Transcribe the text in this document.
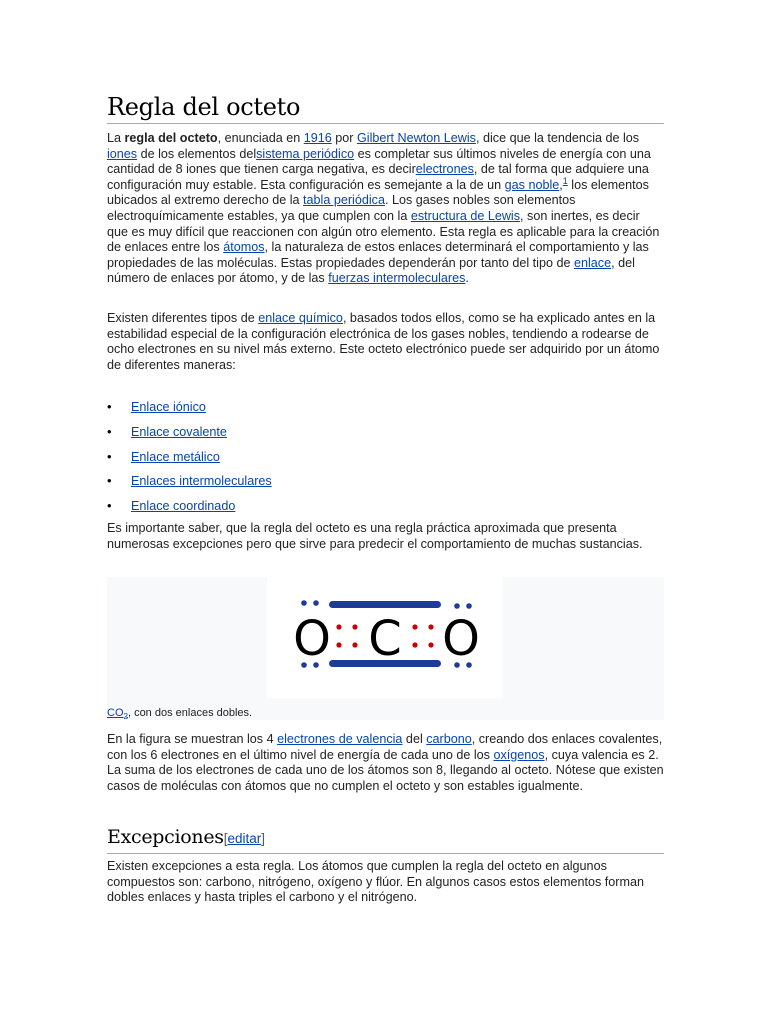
Regla del octeto

La regla del octeto, enunciada en 1916 por Gilbert Newton Lewis, dice que la tendencia de los iones de los elementos delsistema periódico es completar sus últimos niveles de energía con una cantidad de 8 iones que tienen carga negativa, es decirelectrones, de tal forma que adquiere una configuración muy estable. Esta configuración es semejante a la de un gas noble,$^1$ los elementos ubicados al extremo derecho de la tabla periódica. Los gases nobles son elementos electroquímicamente estables, ya que cumplen con la estructura de Lewis, son inertes, es decir que es muy difícil que reaccionen con algún otro elemento. Esta regla es aplicable para la creación de enlaces entre los átomos, la naturaleza de estos enlaces determinará el comportamiento y las propiedades de las moléculas. Estas propiedades dependerán por tanto del tipo de enlace, del número de enlaces por átomo, y de las fuerzas intermoleculares.

Existen diferentes tipos de enlace químico, basados todos ellos, como se ha explicado antes en la estabilidad especial de la configuración electrónica de los gases nobles, tendiendo a rodearse de ocho electrones en su nivel más externo. Este octeto electrónico puede ser adquirido por un átomo de diferentes maneras:

• Enlace iónico
• Enlace covalente
• Enlace metálico
• Enlaces intermoleculares
• Enlace coordinado

Es importante saber, que la regla del octeto es una regla práctica aproximada que presenta numerosas excepciones pero que sirve para predecir el comportamiento de muchas sustancias.

O C O
$CO_2$, con dos enlaces dobles.

En la figura se muestran los 4 electrones de valencia del carbono, creando dos enlaces covalentes, con los 6 electrones en el último nivel de energía de cada uno de los oxígenos, cuya valencia es 2. La suma de los electrones de cada uno de los átomos son 8, llegando al octeto. Nótese que existen casos de moléculas con átomos que no cumplen el octeto y son estables igualmente.

Excepciones[editar]

Existen excepciones a esta regla. Los átomos que cumplen la regla del octeto en algunos compuestos son: carbono, nitrógeno, oxígeno y flúor. En algunos casos estos elementos forman dobles enlaces y hasta triples el carbono y el nitrógeno.
